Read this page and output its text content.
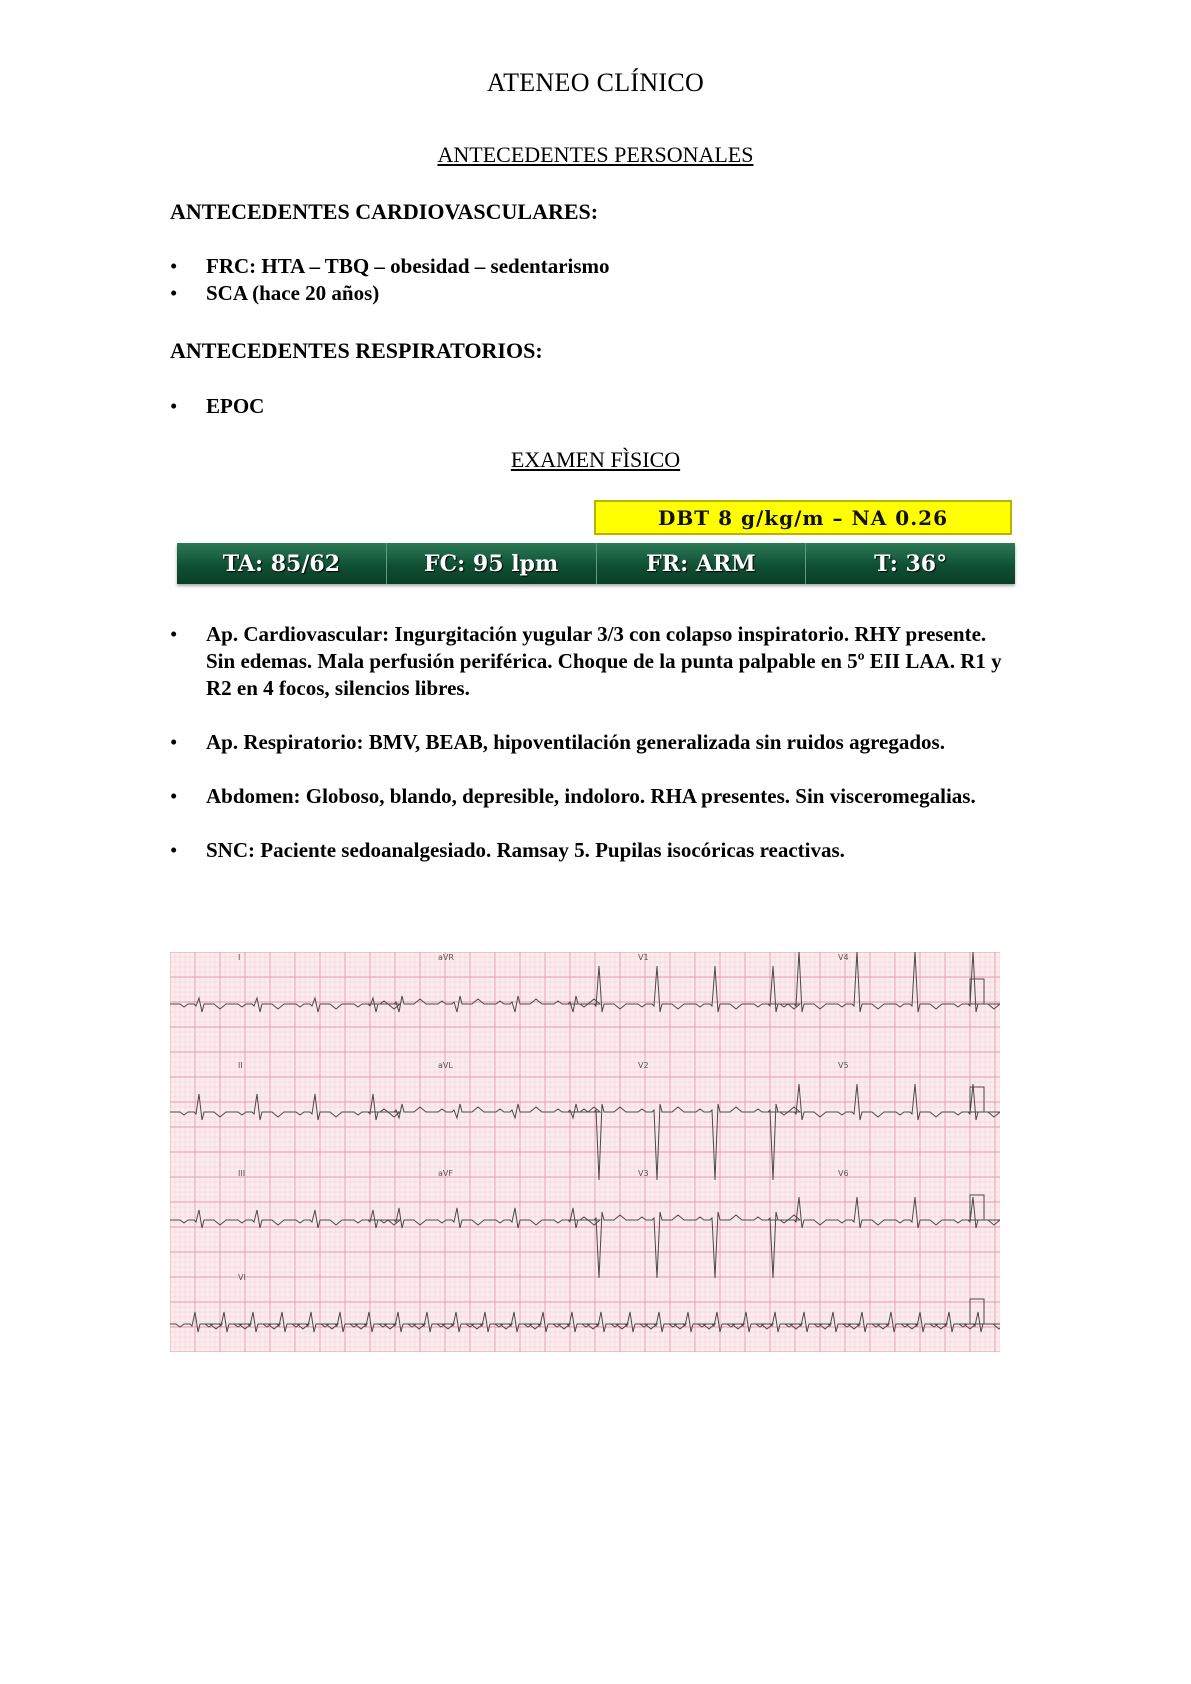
ATENEO CLÍNICO
ANTECEDENTES PERSONALES
ANTECEDENTES CARDIOVASCULARES:
• FRC: HTA – TBQ – obesidad – sedentarismo
• SCA (hace 20 años)
ANTECEDENTES RESPIRATORIOS:
• EPOC
EXAMEN FÌSICO
DBT 8 g/kg/m – NA 0.26
TA: 85/62	FC: 95 lpm	FR: ARM	T: 36°
• Ap. Cardiovascular: Ingurgitación yugular 3/3 con colapso inspiratorio. RHY presente. Sin edemas. Mala perfusión periférica. Choque de la punta palpable en 5º EII LAA. R1 y R2 en 4 focos, silencios libres.
• Ap. Respiratorio: BMV, BEAB, hipoventilación generalizada sin ruidos agregados.
• Abdomen: Globoso, blando, depresible, indoloro. RHA presentes. Sin visceromegalias.
• SNC: Paciente sedoanalgesiado. Ramsay 5. Pupilas isocóricas reactivas.
I	aVR	V1	V4
II	aVL	V2	V5
III	aVF	V3	V6
VI
